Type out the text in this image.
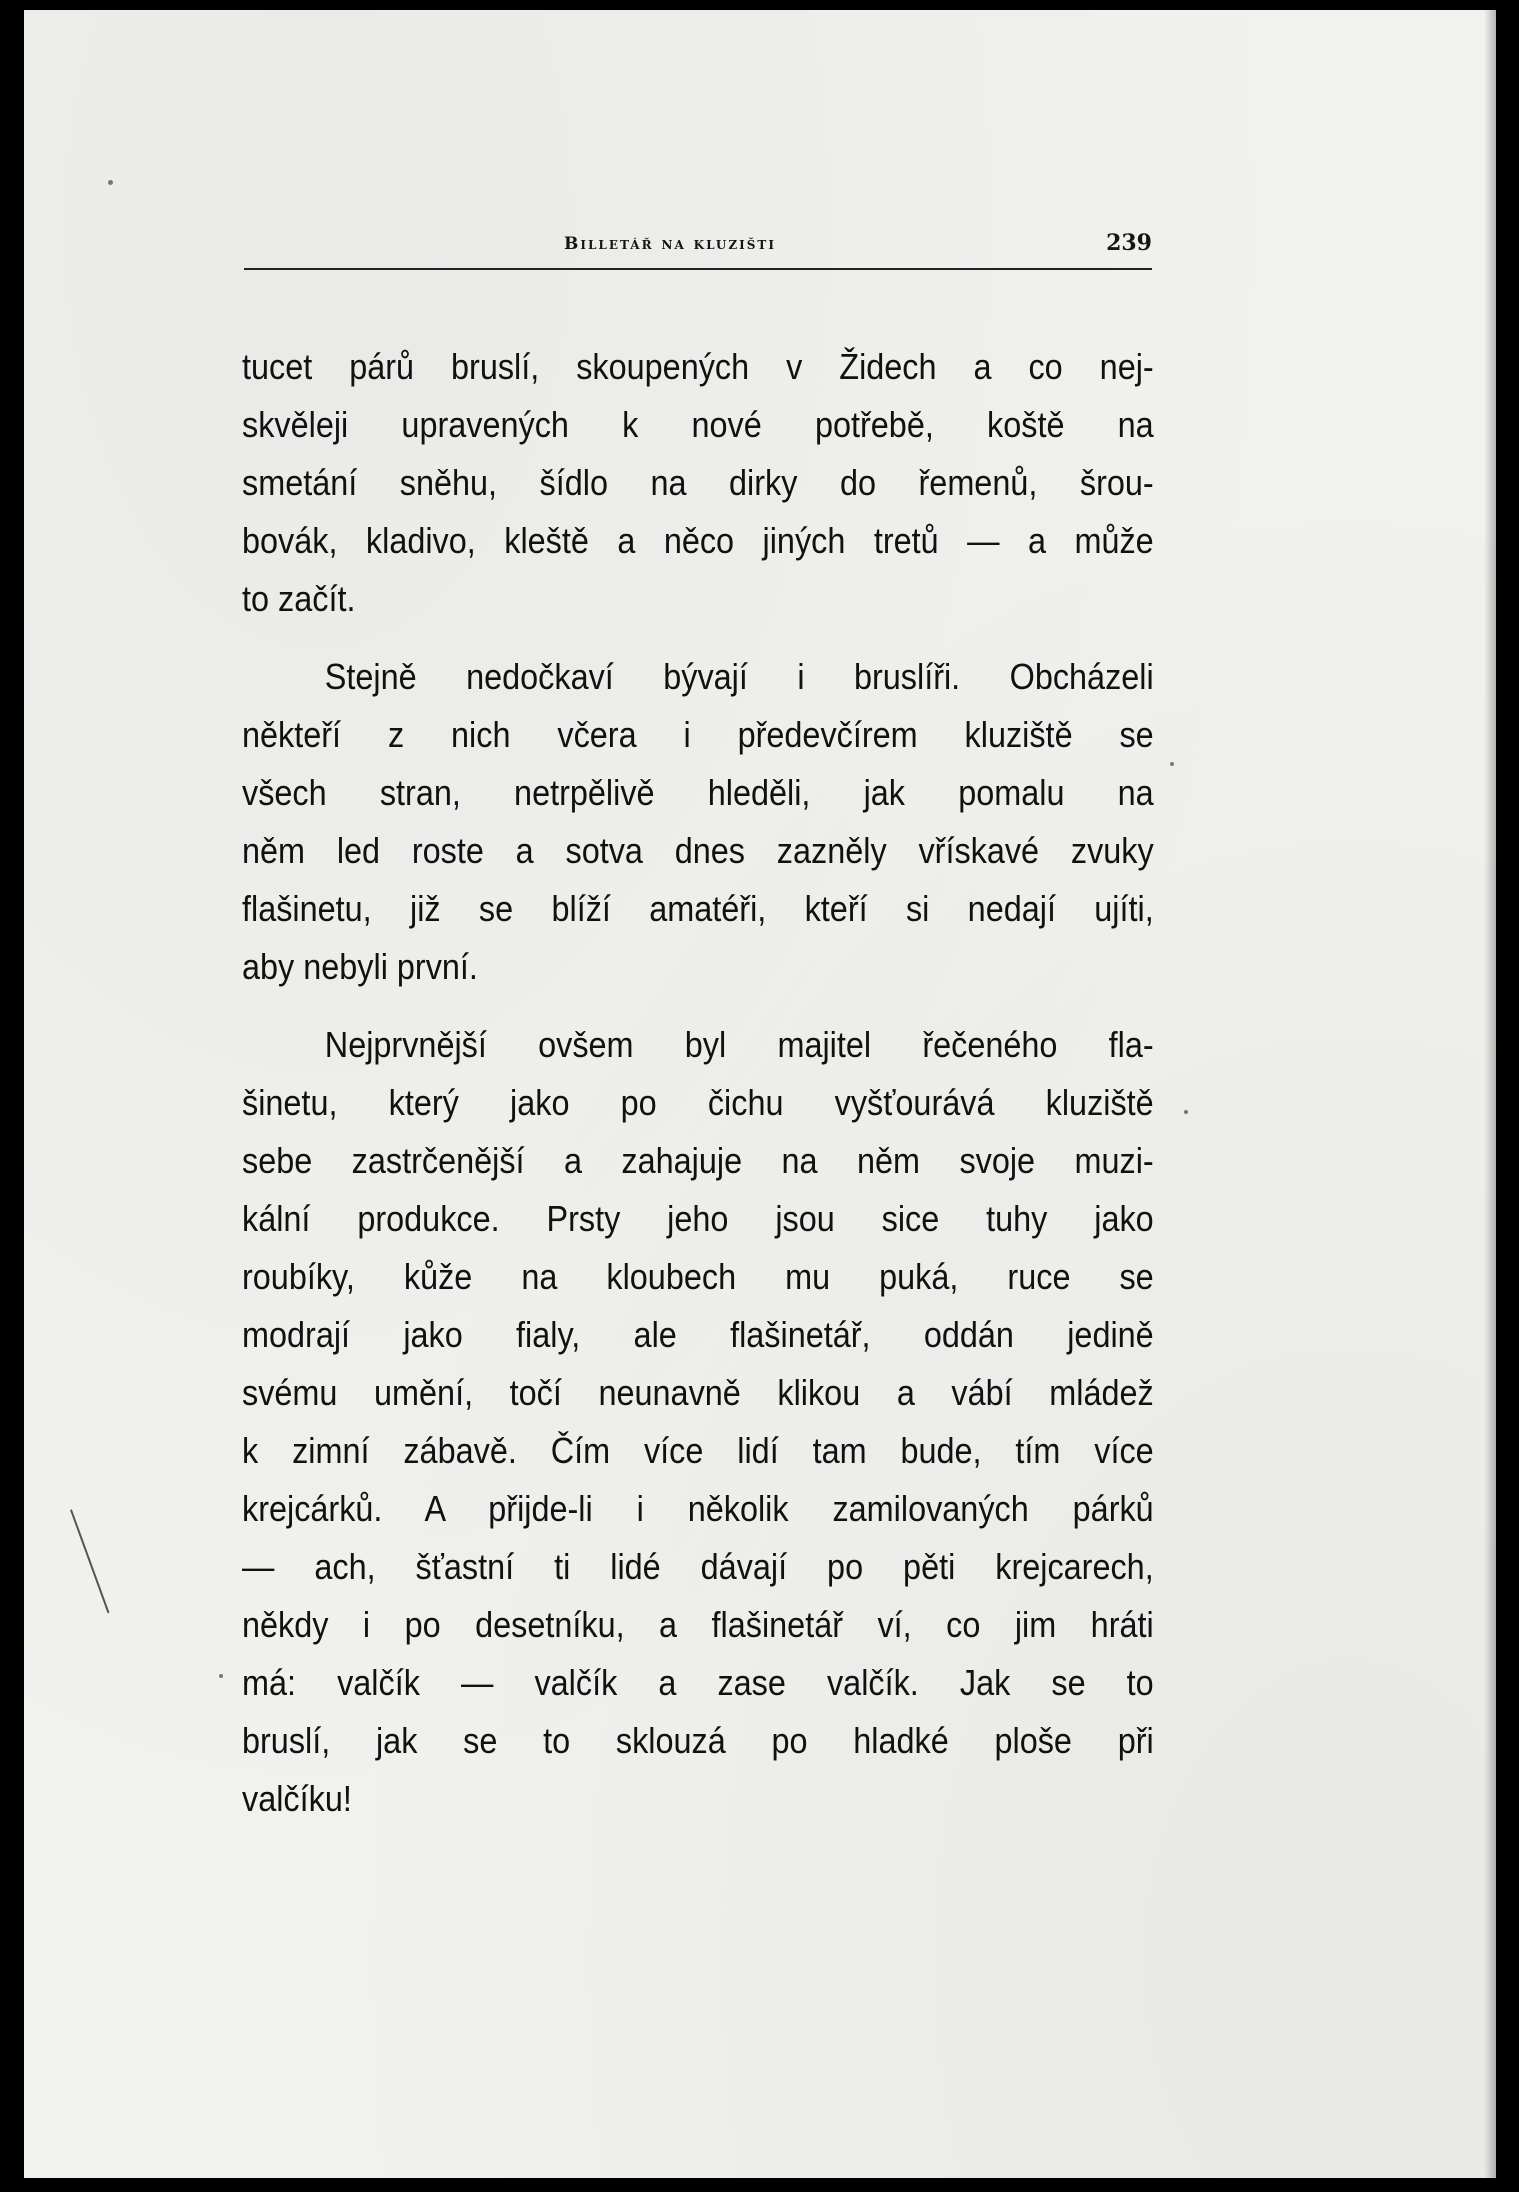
Billetář na kluzišti	239
tucet párů bruslí, skoupených v Židech a co nej-
skvěleji upravených k nové potřebě, koště na
smetání sněhu, šídlo na dirky do řemenů, šrou-
bovák, kladivo, kleště a něco jiných tretů — a může
to začít.
Stejně nedočkaví bývají i bruslíři. Obcházeli
někteří z nich včera i předevčírem kluziště se
všech stran, netrpělivě hleděli, jak pomalu na
něm led roste a sotva dnes zazněly vřískavé zvuky
flašinetu, již se blíží amatéři, kteří si nedají ujíti,
aby nebyli první.
Nejprvnější ovšem byl majitel řečeného fla-
šinetu, který jako po čichu vyšťourává kluziště
sebe zastrčenější a zahajuje na něm svoje muzi-
kální produkce. Prsty jeho jsou sice tuhy jako
roubíky, kůže na kloubech mu puká, ruce se
modrají jako fialy, ale flašinetář, oddán jedině
svému umění, točí neunavně klikou a vábí mládež
k zimní zábavě. Čím více lidí tam bude, tím více
krejcárků. A přijde-li i několik zamilovaných párků
— ach, šťastní ti lidé dávají po pěti krejcarech,
někdy i po desetníku, a flašinetář ví, co jim hráti
má: valčík — valčík a zase valčík. Jak se to
bruslí, jak se to sklouzá po hladké ploše při
valčíku!
